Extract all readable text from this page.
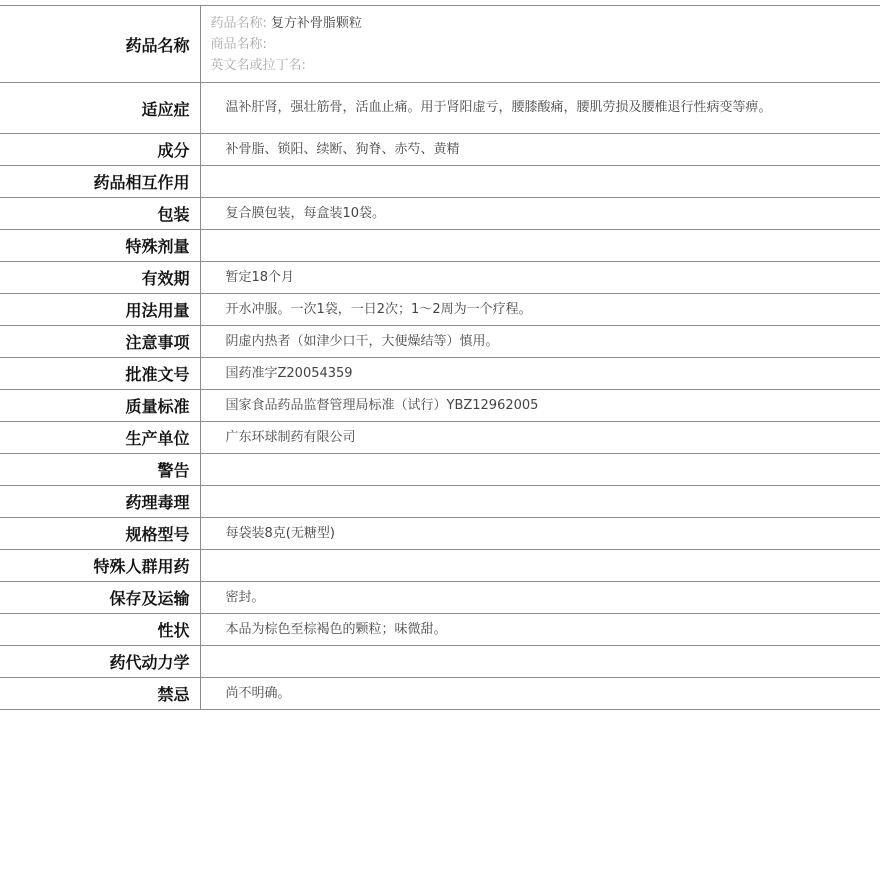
药品名称	药品名称: 复方补骨脂颗粒
商品名称:
英文名或拉丁名:

适应症	温补肝肾，强壮筋骨，活血止痛。用于肾阳虚亏，腰膝酸痛，腰肌劳损及腰椎退行性病变等痹。
成分	补骨脂、锁阳、续断、狗脊、赤芍、黄精
药品相互作用	
包装	复合膜包装，每盒装10袋。
特殊剂量	
有效期	暂定18个月
用法用量	开水冲服。一次1袋，一日2次；1～2周为一个疗程。
注意事项	阴虚内热者（如津少口干，大便燥结等）慎用。
批准文号	国药准字Z20054359
质量标准	国家食品药品监督管理局标准（试行）YBZ12962005
生产单位	广东环球制药有限公司
警告	
药理毒理	
规格型号	每袋装8克(无糖型)
特殊人群用药	
保存及运输	密封。
性状	本品为棕色至棕褐色的颗粒；味微甜。
药代动力学	
禁忌	尚不明确。
